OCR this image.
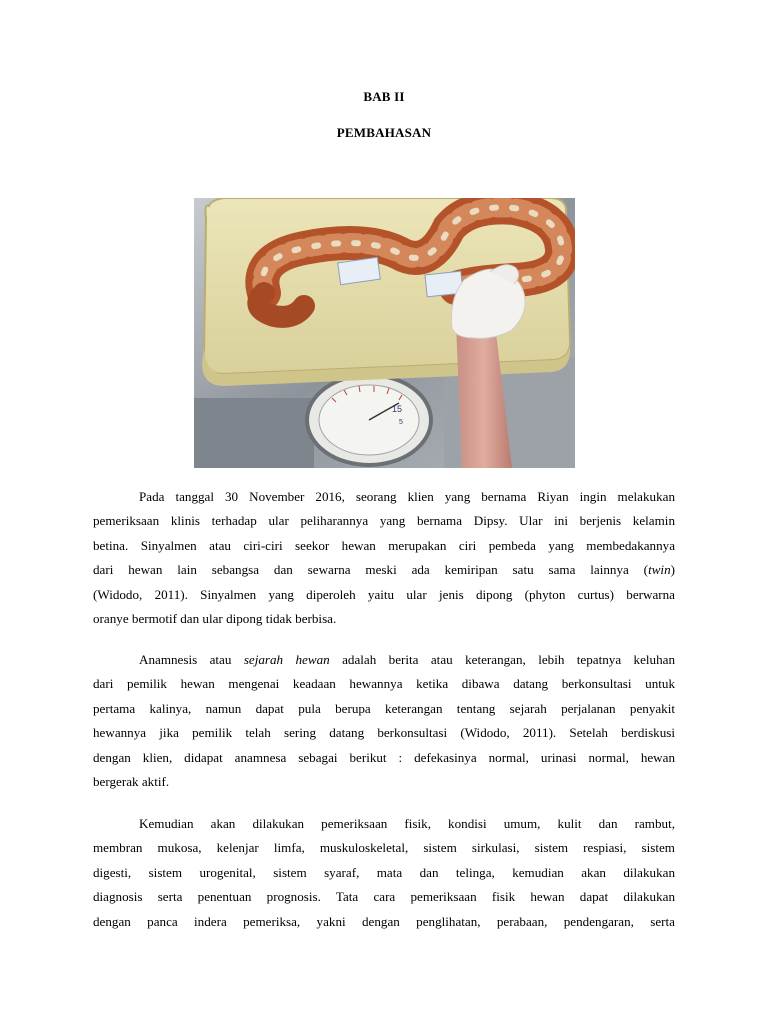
BAB II
PEMBAHASAN
15
5

Pada tanggal 30 November 2016, seorang klien yang bernama Riyan ingin melakukan
pemeriksaan klinis terhadap ular peliharannya yang bernama Dipsy. Ular ini berjenis kelamin
betina. Sinyalmen atau ciri-ciri seekor hewan merupakan ciri pembeda yang membedakannya
dari hewan lain sebangsa dan sewarna meski ada kemiripan satu sama lainnya (twin)
(Widodo, 2011). Sinyalmen yang diperoleh yaitu ular jenis dipong (phyton curtus) berwarna
oranye bermotif dan ular dipong tidak berbisa.

Anamnesis atau sejarah hewan adalah berita atau keterangan, lebih tepatnya keluhan
dari pemilik hewan mengenai keadaan hewannya ketika dibawa datang berkonsultasi untuk
pertama kalinya, namun dapat pula berupa keterangan tentang sejarah perjalanan penyakit
hewannya jika pemilik telah sering datang berkonsultasi (Widodo, 2011). Setelah berdiskusi
dengan klien, didapat anamnesa sebagai berikut : defekasinya normal, urinasi normal, hewan
bergerak aktif.

Kemudian akan dilakukan pemeriksaan fisik, kondisi umum, kulit dan rambut,
membran mukosa, kelenjar limfa, muskuloskeletal, sistem sirkulasi, sistem respiasi, sistem
digesti, sistem urogenital, sistem syaraf, mata dan telinga, kemudian akan dilakukan
diagnosis serta penentuan prognosis. Tata cara pemeriksaan fisik hewan dapat dilakukan
dengan panca indera pemeriksa, yakni dengan penglihatan, perabaan, pendengaran, serta
